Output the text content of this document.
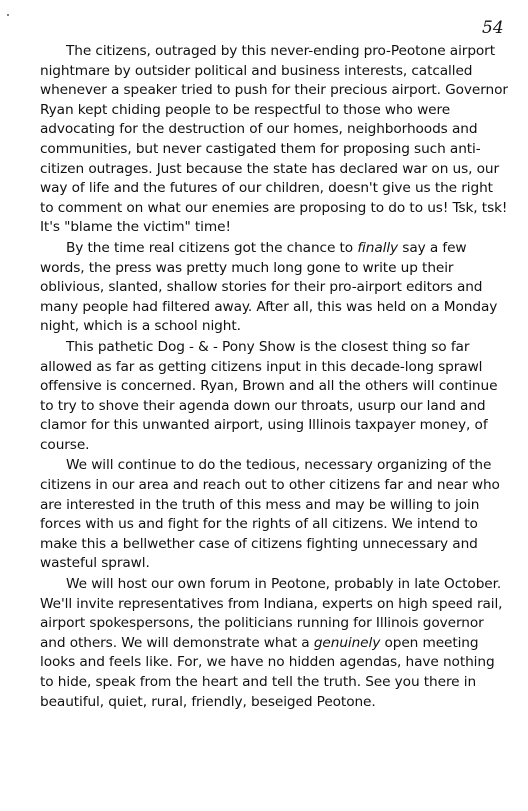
54

The citizens, outraged by this never-ending pro-Peotone airport nightmare by outsider political and business interests, catcalled whenever a speaker tried to push for their precious airport. Governor Ryan kept chiding people to be respectful to those who were advocating for the destruction of our homes, neighborhoods and communities, but never castigated them for proposing such anti-citizen outrages. Just because the state has declared war on us, our way of life and the futures of our children, doesn't give us the right to comment on what our enemies are proposing to do to us! Tsk, tsk! It's "blame the victim" time!

By the time real citizens got the chance to finally say a few words, the press was pretty much long gone to write up their oblivious, slanted, shallow stories for their pro-airport editors and many people had filtered away. After all, this was held on a Monday night, which is a school night.

This pathetic Dog - & - Pony Show is the closest thing so far allowed as far as getting citizens input in this decade-long sprawl offensive is concerned. Ryan, Brown and all the others will continue to try to shove their agenda down our throats, usurp our land and clamor for this unwanted airport, using Illinois taxpayer money, of course.

We will continue to do the tedious, necessary organizing of the citizens in our area and reach out to other citizens far and near who are interested in the truth of this mess and may be willing to join forces with us and fight for the rights of all citizens. We intend to make this a bellwether case of citizens fighting unnecessary and wasteful sprawl.

We will host our own forum in Peotone, probably in late October. We'll invite representatives from Indiana, experts on high speed rail, airport spokespersons, the politicians running for Illinois governor and others. We will demonstrate what a genuinely open meeting looks and feels like. For, we have no hidden agendas, have nothing to hide, speak from the heart and tell the truth. See you there in beautiful, quiet, rural, friendly, beseiged Peotone.
